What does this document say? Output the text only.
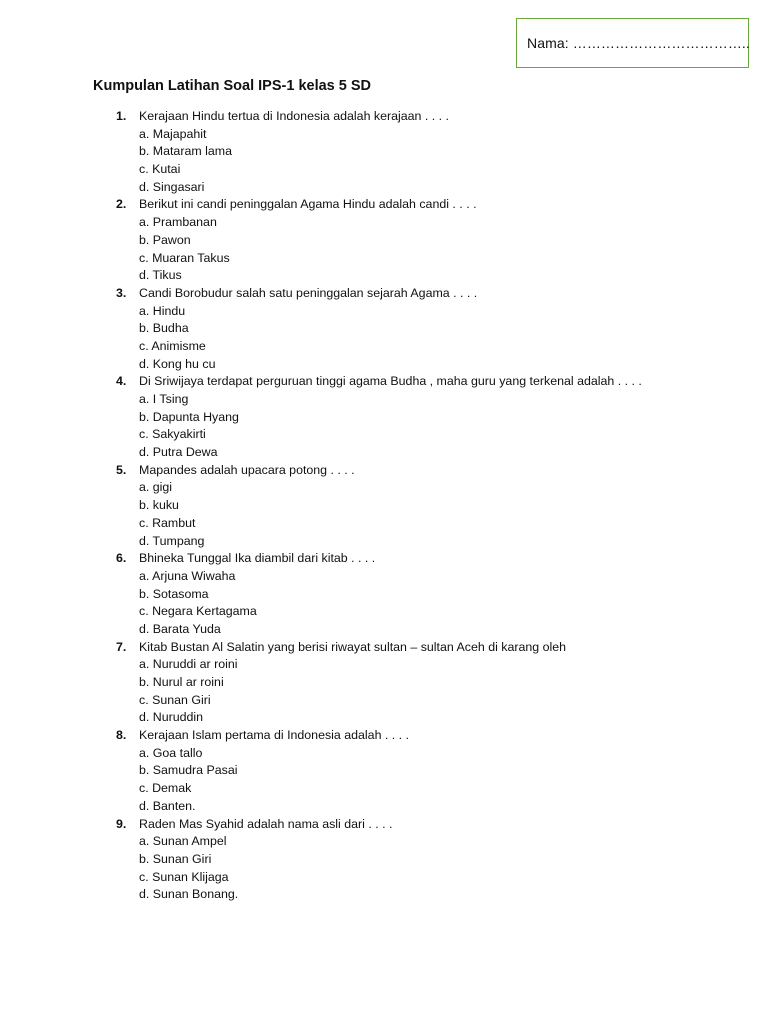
Nama: ………………………………..
Kumpulan Latihan Soal IPS-1 kelas 5 SD
1. Kerajaan Hindu tertua di Indonesia adalah kerajaan . . . .
a. Majapahit
b. Mataram lama
c. Kutai
d. Singasari
2. Berikut ini candi peninggalan Agama Hindu adalah candi . . . .
a. Prambanan
b. Pawon
c. Muaran Takus
d. Tikus
3. Candi Borobudur salah satu peninggalan sejarah Agama . . . .
a. Hindu
b. Budha
c. Animisme
d. Kong hu cu
4. Di Sriwijaya terdapat perguruan tinggi agama Budha , maha guru yang terkenal adalah . . . .
a. I Tsing
b. Dapunta Hyang
c. Sakyakirti
d. Putra Dewa
5. Mapandes adalah upacara potong . . . .
a. gigi
b. kuku
c. Rambut
d. Tumpang
6. Bhineka Tunggal Ika diambil dari kitab . . . .
a. Arjuna Wiwaha
b. Sotasoma
c. Negara Kertagama
d. Barata Yuda
7. Kitab Bustan Al Salatin yang berisi riwayat sultan – sultan Aceh di karang oleh
a. Nuruddi ar roini
b. Nurul ar roini
c. Sunan Giri
d. Nuruddin
8. Kerajaan Islam pertama di Indonesia adalah . . . .
a. Goa tallo
b. Samudra Pasai
c. Demak
d. Banten.
9. Raden Mas Syahid adalah nama asli dari . . . .
a. Sunan Ampel
b. Sunan Giri
c. Sunan Klijaga
d. Sunan Bonang.
